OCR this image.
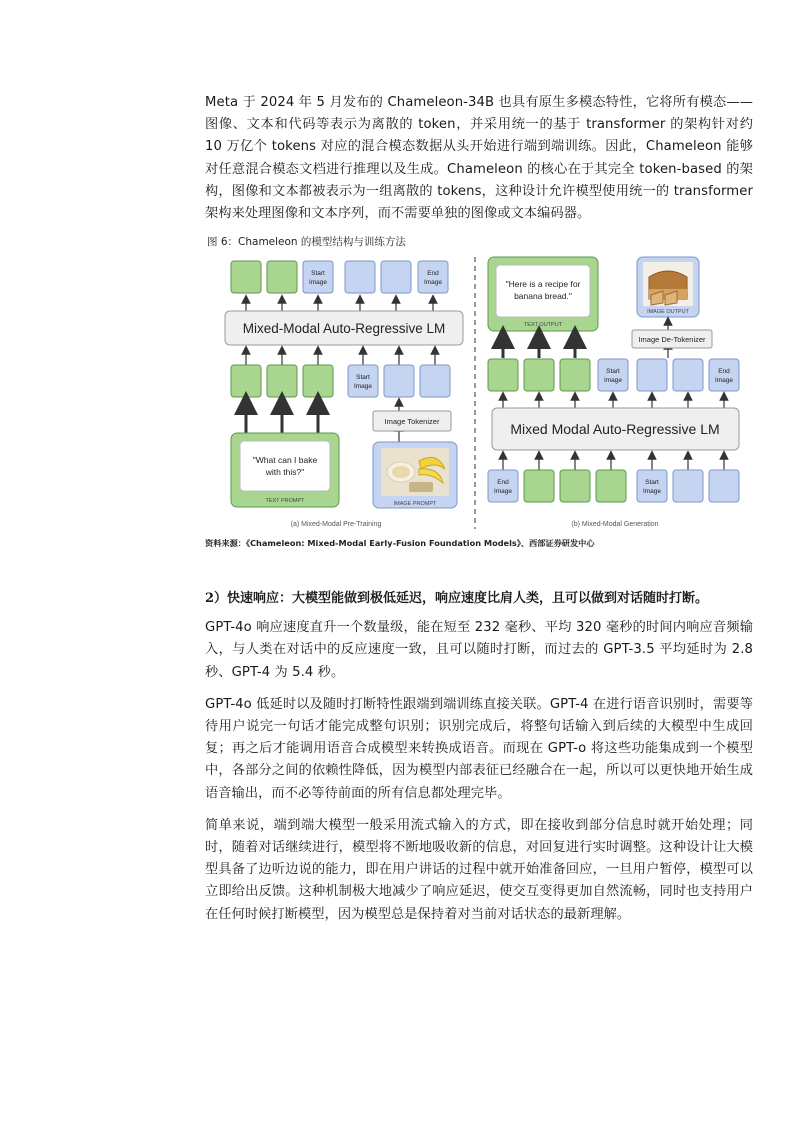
Meta 于 2024 年 5 月发布的 Chameleon-34B 也具有原生多模态特性，它将所有模态——图像、文本和代码等表示为离散的 token，并采用统一的基于 transformer 的架构针对约 10 万亿个 tokens 对应的混合模态数据从头开始进行端到端训练。因此，Chameleon 能够对任意混合模态文档进行推理以及生成。Chameleon 的核心在于其完全 token-based 的架构，图像和文本都被表示为一组离散的 tokens，这种设计允许模型使用统一的 transformer 架构来处理图像和文本序列，而不需要单独的图像或文本编码器。

图 6：Chameleon 的模型结构与训练方法
Start
Image
End
Image
Mixed-Modal Auto-Regressive LM
Start
Image
"What can I bake
with this?"
TEXT PROMPT
Image Tokenizer
IMAGE PROMPT
(a) Mixed-Modal Pre-Training
"Here is a recipe for
banana bread."
TEXT OUTPUT
IMAGE OUTPUT
Image De-Tokenizer
Start
Image
End
Image
Mixed Modal Auto-Regressive LM
End
Image
Start
Image
(b) Mixed-Modal Generation
资料来源：《Chameleon: Mixed-Modal Early-Fusion Foundation Models》、西部证券研发中心
2）快速响应：大模型能做到极低延迟，响应速度比肩人类，且可以做到对话随时打断。

GPT-4o 响应速度直升一个数量级，能在短至 232 毫秒、平均 320 毫秒的时间内响应音频输入，与人类在对话中的反应速度一致，且可以随时打断，而过去的 GPT-3.5 平均延时为 2.8 秒、GPT-4 为 5.4 秒。

GPT-4o 低延时以及随时打断特性跟端到端训练直接关联。GPT-4 在进行语音识别时，需要等待用户说完一句话才能完成整句识别；识别完成后，将整句话输入到后续的大模型中生成回复；再之后才能调用语音合成模型来转换成语音。而现在 GPT-o 将这些功能集成到一个模型中，各部分之间的依赖性降低，因为模型内部表征已经融合在一起，所以可以更快地开始生成语音输出，而不必等待前面的所有信息都处理完毕。

简单来说，端到端大模型一般采用流式输入的方式，即在接收到部分信息时就开始处理；同时，随着对话继续进行，模型将不断地吸收新的信息，对回复进行实时调整。这种设计让大模型具备了边听边说的能力，即在用户讲话的过程中就开始准备回应，一旦用户暂停，模型可以立即给出反馈。这种机制极大地减少了响应延迟，使交互变得更加自然流畅，同时也支持用户在任何时候打断模型，因为模型总是保持着对当前对话状态的最新理解。
